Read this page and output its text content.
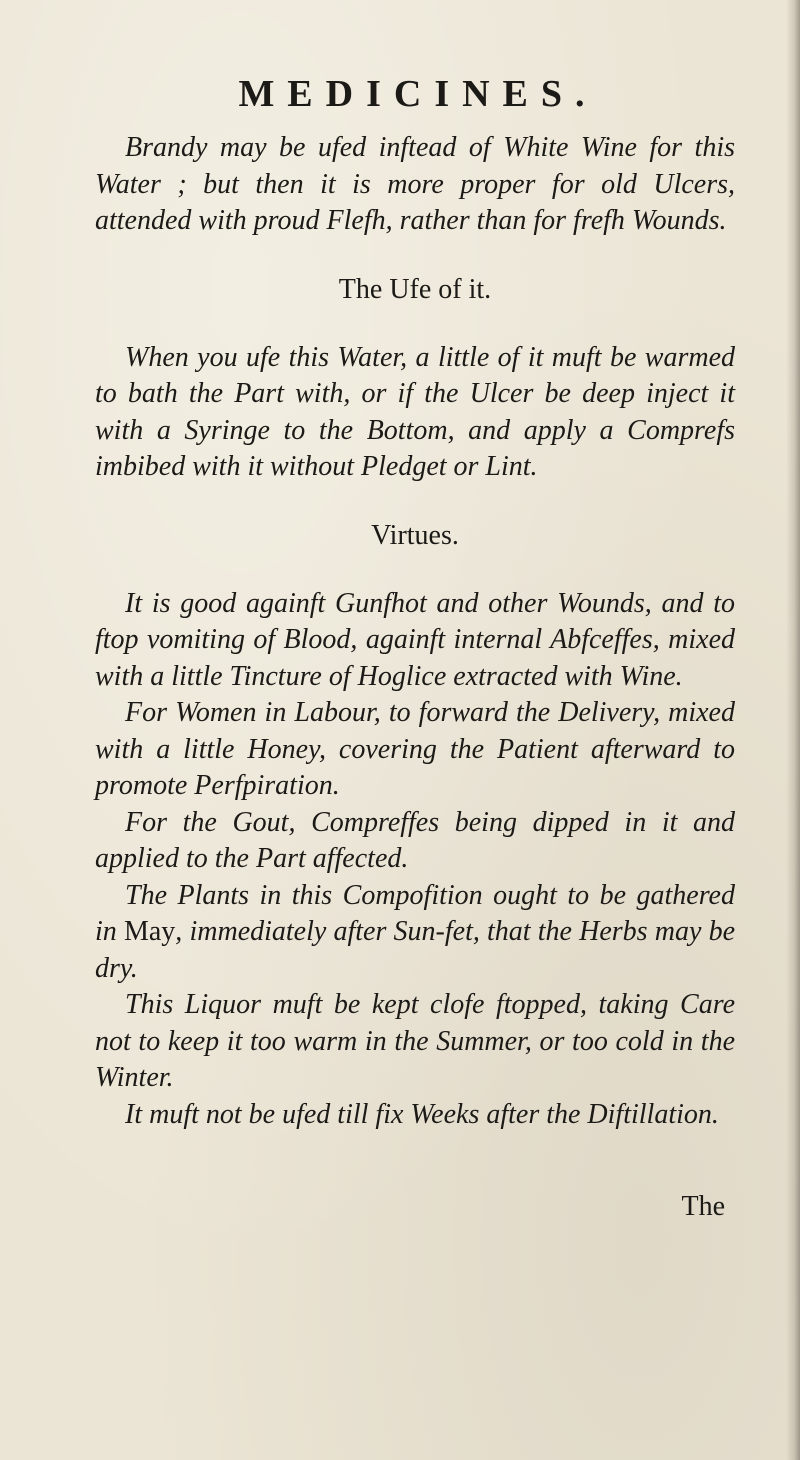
MEDICINES.

Brandy may be ufed inftead of White Wine for this Water ; but then it is more proper for old Ulcers, attended with proud Flefh, rather than for frefh Wounds.

The Ufe of it.

When you ufe this Water, a little of it muft be warmed to bath the Part with, or if the Ulcer be deep inject it with a Syringe to the Bottom, and apply a Comprefs imbibed with it without Pledget or Lint.

Virtues.

It is good againft Gunfhot and other Wounds, and to ftop vomiting of Blood, againft internal Abfceffes, mixed with a little Tincture of Hoglice extracted with Wine.

For Women in Labour, to forward the Delivery, mixed with a little Honey, covering the Patient afterward to promote Perfpiration.

For the Gout, Compreffes being dipped in it and applied to the Part affected.

The Plants in this Compofition ought to be gathered in May, immediately after Sun-fet, that the Herbs may be dry.

This Liquor muft be kept clofe ftopped, taking Care not to keep it too warm in the Summer, or too cold in the Winter.

It muft not be ufed till fix Weeks after the Diftillation.

The
